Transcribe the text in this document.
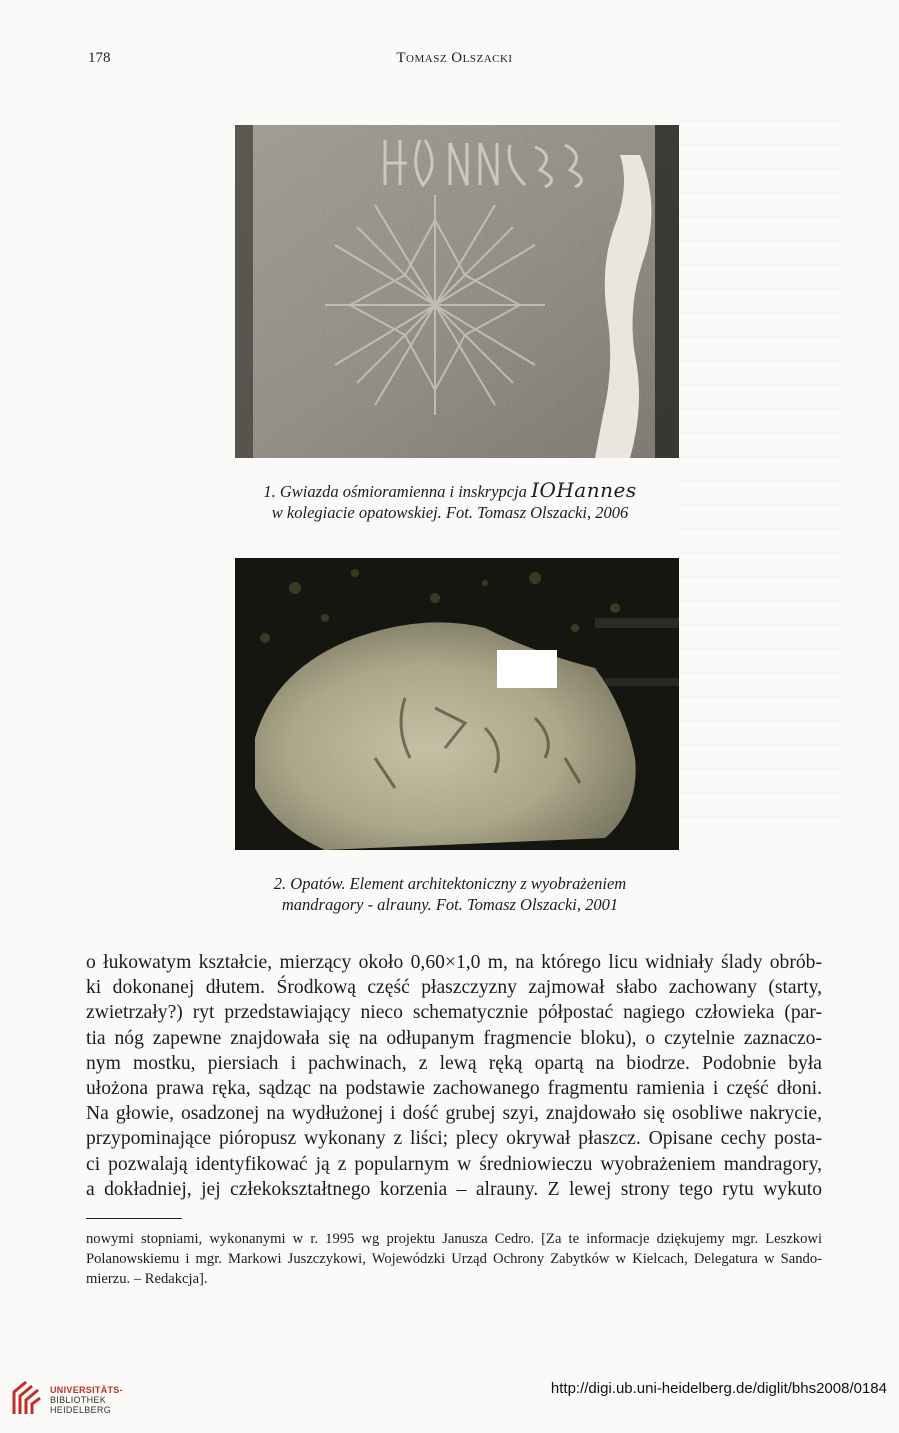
178	Tomasz Olszacki
1. Gwiazda ośmioramienna i inskrypcja IOHannes
w kolegiacie opatowskiej. Fot. Tomasz Olszacki, 2006
2. Opatów. Element architektoniczny z wyobrażeniem
mandragory - alrauny. Fot. Tomasz Olszacki, 2001
o łukowatym kształcie, mierzący około 0,60×1,0 m, na którego licu widniały ślady obrób-
ki dokonanej dłutem. Środkową część płaszczyzny zajmował słabo zachowany (starty,
zwietrzały?) ryt przedstawiający nieco schematycznie półpostać nagiego człowieka (par-
tia nóg zapewne znajdowała się na odłupanym fragmencie bloku), o czytelnie zaznaczo-
nym mostku, piersiach i pachwinach, z lewą ręką opartą na biodrze. Podobnie była
ułożona prawa ręka, sądząc na podstawie zachowanego fragmentu ramienia i część dłoni.
Na głowie, osadzonej na wydłużonej i dość grubej szyi, znajdowało się osobliwe nakrycie,
przypominające pióropusz wykonany z liści; plecy okrywał płaszcz. Opisane cechy posta-
ci pozwalają identyfikować ją z popularnym w średniowieczu wyobrażeniem mandragory,
a dokładniej, jej człekokształtnego korzenia – alrauny. Z lewej strony tego rytu wykuto
nowymi stopniami, wykonanymi w r. 1995 wg projektu Janusza Cedro. [Za te informacje dziękujemy mgr. Leszkowi
Polanowskiemu i mgr. Markowi Juszczykowi, Wojewódzki Urząd Ochrony Zabytków w Kielcach, Delegatura w Sando-
mierzu. – Redakcja].
UNIVERSITÄTS-
BIBLIOTHEK
HEIDELBERG
http://digi.ub.uni-heidelberg.de/diglit/bhs2008/0184
